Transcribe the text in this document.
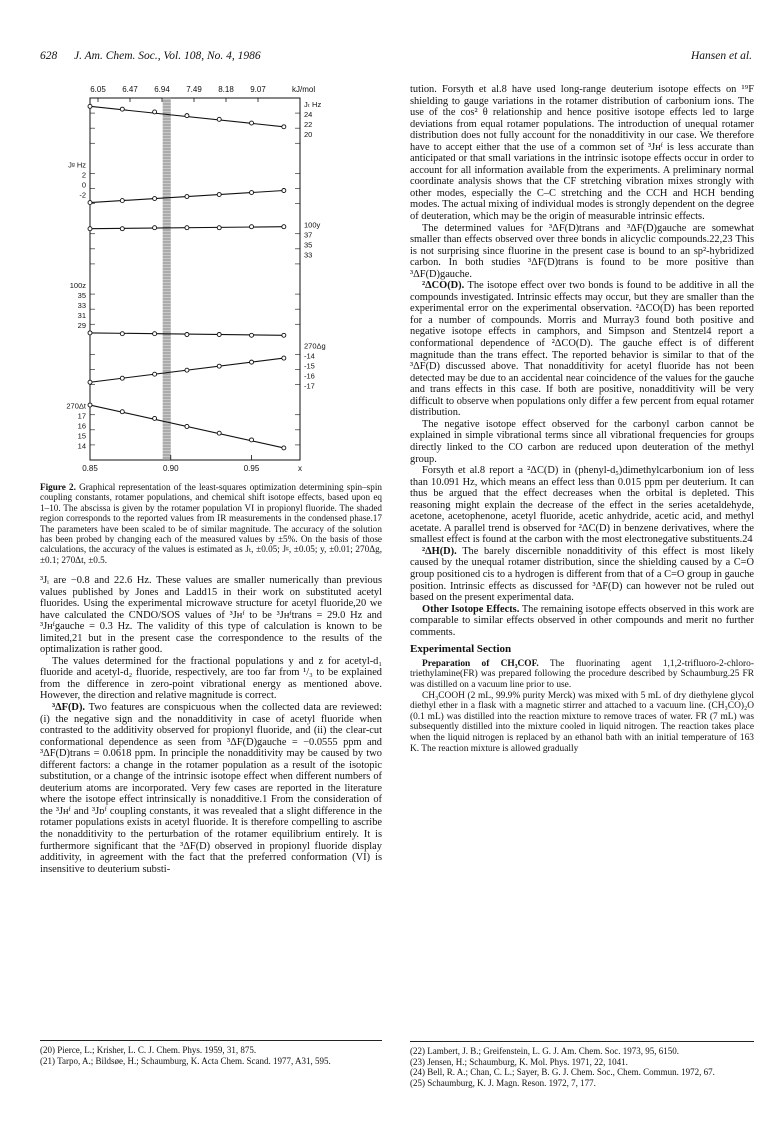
628 J. Am. Chem. Soc., Vol. 108, No. 4, 1986	Hansen et al.
6.05 6.47 6.94 7.49 8.18 9.07	kJ/mol
0.85	0.90	0.95	x
Jₜ Hz
24
22
20
Jᵍ Hz
2
0
-2
100y
37
35
33
100z
35
33
31
29
270Δg
-14
-15
-16
-17
270Δt
17
16
15
14
Figure 2. Graphical representation of the least-squares optimization determining spin–spin coupling constants, rotamer populations, and chemical shift isotope effects, based upon eq 1–10. The abscissa is given by the rotamer population VI in propionyl fluoride. The shaded region corresponds to the reported values from IR measurements in the condensed phase.17 The parameters have been scaled to be of similar magnitude. The accuracy of the solution has been probed by changing each of the measured values by ±5%. On the basis of those calculations, the accuracy of the values is estimated as Jₜ, ±0.05; Jᵍ, ±0.05; y, ±0.01; 270Δg, ±0.1; 270Δt, ±0.5.

³Jᵢ are −0.8 and 22.6 Hz. These values are smaller numerically than previous values published by Jones and Ladd15 in their work on substituted acetyl fluorides. Using the experimental microwave structure for acetyl fluoride,20 we have calculated the CNDO/SOS values of ³Jʜᶠ to be ³Jʜᶠtrans = 29.0 Hz and ³Jʜᶠgauche = 0.3 Hz. The validity of this type of calculation is known to be limited,21 but in the present case the correspondence to the results of the optimalization is rather good.

The values determined for the fractional populations y and z for acetyl-d₁ fluoride and acetyl-d₂ fluoride, respectively, are too far from ¹/₃ to be explained from the difference in zero-point vibrational energy as mentioned above. However, the direction and relative magnitude is correct.

³ΔF(D). Two features are conspicuous when the collected data are reviewed: (i) the negative sign and the nonadditivity in case of acetyl fluoride when contrasted to the additivity observed for propionyl fluoride, and (ii) the clear-cut conformational dependence as seen from ³ΔF(D)gauche = −0.0555 ppm and ³ΔF(D)trans = 0.0618 ppm. In principle the nonadditivity may be caused by two different factors: a change in the rotamer population as a result of the isotopic substitution, or a change of the intrinsic isotope effect when different numbers of deuterium atoms are incorporated. Very few cases are reported in the literature where the isotope effect intrinsically is nonadditive.1 From the consideration of the ³Jʜᶠ and ³Jᴅᶠ coupling constants, it was revealed that a slight difference in the rotamer populations exists in acetyl fluoride. It is therefore compelling to ascribe the nonadditivity to the perturbation of the rotamer equilibrium entirely. It is furthermore significant that the ³ΔF(D) observed in propionyl fluoride display additivity, in agreement with the fact that the preferred conformation (VI) is insensitive to deuterium substi-

(20) Pierce, L.; Krisher, L. C. J. Chem. Phys. 1959, 31, 875.
(21) Tarpo, A.; Bildsøe, H.; Schaumburg, K. Acta Chem. Scand. 1977, A31, 595.

tution. Forsyth et al.8 have used long-range deuterium isotope effects on ¹⁹F shielding to gauge variations in the rotamer distribution of carbonium ions. The use of the cos² θ relationship and hence positive isotope effects led to large deviations from equal rotamer populations. The introduction of unequal rotamer distribution does not fully account for the nonadditivity in our case. We therefore have to accept either that the use of a common set of ³Jʜᶠ is less accurate than anticipated or that small variations in the intrinsic isotope effects occur in order to account for all information available from the experiments. A preliminary normal coordinate analysis shows that the CF stretching vibration mixes strongly with other modes, especially the C–C stretching and the CCH and HCH bending modes. The actual mixing of individual modes is strongly dependent on the degree of deuteration, which may be the origin of measurable intrinsic effects.

The determined values for ³ΔF(D)trans and ³ΔF(D)gauche are somewhat smaller than effects observed over three bonds in alicyclic compounds.22,23 This is not surprising since fluorine in the present case is bound to an sp²-hybridized carbon. In both studies ³ΔF(D)trans is found to be more positive than ³ΔF(D)gauche.

²ΔCO(D). The isotope effect over two bonds is found to be additive in all the compounds investigated. Intrinsic effects may occur, but they are smaller than the experimental error on the experimental observation. ²ΔCO(D) has been reported for a number of compounds. Morris and Murray3 found both positive and negative isotope effects in camphors, and Simpson and Stentzel4 report a conformational dependence of ²ΔCO(D). The gauche effect is of different magnitude than the trans effect. The reported behavior is similar to that of the ³ΔF(D) discussed above. That nonadditivity for acetyl fluoride has not been detected may be due to an accidental near coincidence of the values for the gauche and trans effects in this case. If both are positive, nonadditivity will be very difficult to observe when populations only differ a few percent from equal rotamer distribution.

The negative isotope effect observed for the carbonyl carbon cannot be explained in simple vibrational terms since all vibrational frequencies for groups directly linked to the CO carbon are reduced upon deuteration of the methyl group.

Forsyth et al.8 report a ²ΔC(D) in (phenyl-d₅)dimethylcarbonium ion of less than 10.091 Hz, which means an effect less than 0.015 ppm per deuterium. It can thus be argued that the effect decreases when the orbital is depleted. This reasoning might explain the decrease of the effect in the series acetaldehyde, acetone, acetophenone, acetyl fluoride, acetic anhydride, acetic acid, and methyl acetate. A parallel trend is observed for ²ΔC(D) in benzene derivatives, where the smallest effect is found at the carbon with the most electronegative substituents.24

²ΔH(D). The barely discernible nonadditivity of this effect is most likely caused by the unequal rotamer distribution, since the shielding caused by a C=O group positioned cis to a hydrogen is different from that of a C=O group in gauche position. Intrinsic effects as discussed for ³ΔF(D) can however not be ruled out based on the present experimental data.

Other Isotope Effects. The remaining isotope effects observed in this work are comparable to similar effects observed in other compounds and merit no further comments.

Experimental Section

Preparation of CH₃COF. The fluorinating agent 1,1,2-trifluoro-2-chloro-triethylamine(FR) was prepared following the procedure described by Schaumburg.25 FR was distilled on a vacuum line prior to use.

CH₃COOH (2 mL, 99.9% purity Merck) was mixed with 5 mL of dry diethylene glycol diethyl ether in a flask with a magnetic stirrer and attached to a vacuum line. (CH₃CO)₂O (0.1 mL) was distilled into the reaction mixture to remove traces of water. FR (7 mL) was subsequently distilled into the mixture cooled in liquid nitrogen. The reaction takes place when the liquid nitrogen is replaced by an ethanol bath with an initial temperature of 163 K. The reaction mixture is allowed gradually

(22) Lambert, J. B.; Greifenstein, L. G. J. Am. Chem. Soc. 1973, 95, 6150.
(23) Jensen, H.; Schaumburg, K. Mol. Phys. 1971, 22, 1041.
(24) Bell, R. A.; Chan, C. L.; Sayer, B. G. J. Chem. Soc., Chem. Commun. 1972, 67.
(25) Schaumburg, K. J. Magn. Reson. 1972, 7, 177.
